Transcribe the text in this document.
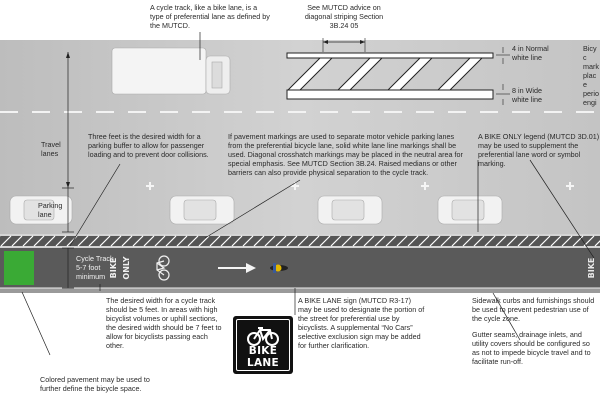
BIKE ONLY	BIKE
A cycle track, like a bike lane, is a type of preferential lane as defined by the MUTCD.
See MUTCD advice on diagonal striping Section 3B.24 05
4 in Normal white line
8 in Wide white line
Bicyc mark place perio engi
Travel lanes
Three feet is the desired width for a parking buffer to allow for passenger loading and to prevent door collisions.
If pavement markings are used to separate motor vehicle parking lanes from the preferential bicycle lane, solid white lane line markings shall be used. Diagonal crosshatch markings may be placed in the neutral area for special emphasis. See MUTCD Section 3B.24. Raised medians or other barriers can also provide physical separation to the cycle track.
A BIKE ONLY legend (MUTCD 3D.01) may be used to supplement the preferential lane word or symbol marking.
Parking lane
Cycle Track 5-7 foot minimum
The desired width for a cycle track should be 5 feet. In areas with high bicyclist volumes or uphill sections, the desired width should be 7 feet to allow for bicyclists passing each other.
A BIKE LANE sign (MUTCD R3-17) may be used to designate the portion of the street for preferential use by bicyclists. A supplemental “No Cars” selective exclusion sign may be added for further clarification.
Sidewalk curbs and furnishings should be used to prevent pedestrian use of the cycle zone.
Gutter seams, drainage inlets, and utility covers should be configured so as not to impede bicycle travel and to facilitate run-off.
Colored pavement may be used to further define the bicycle space.
BIKE LANE
